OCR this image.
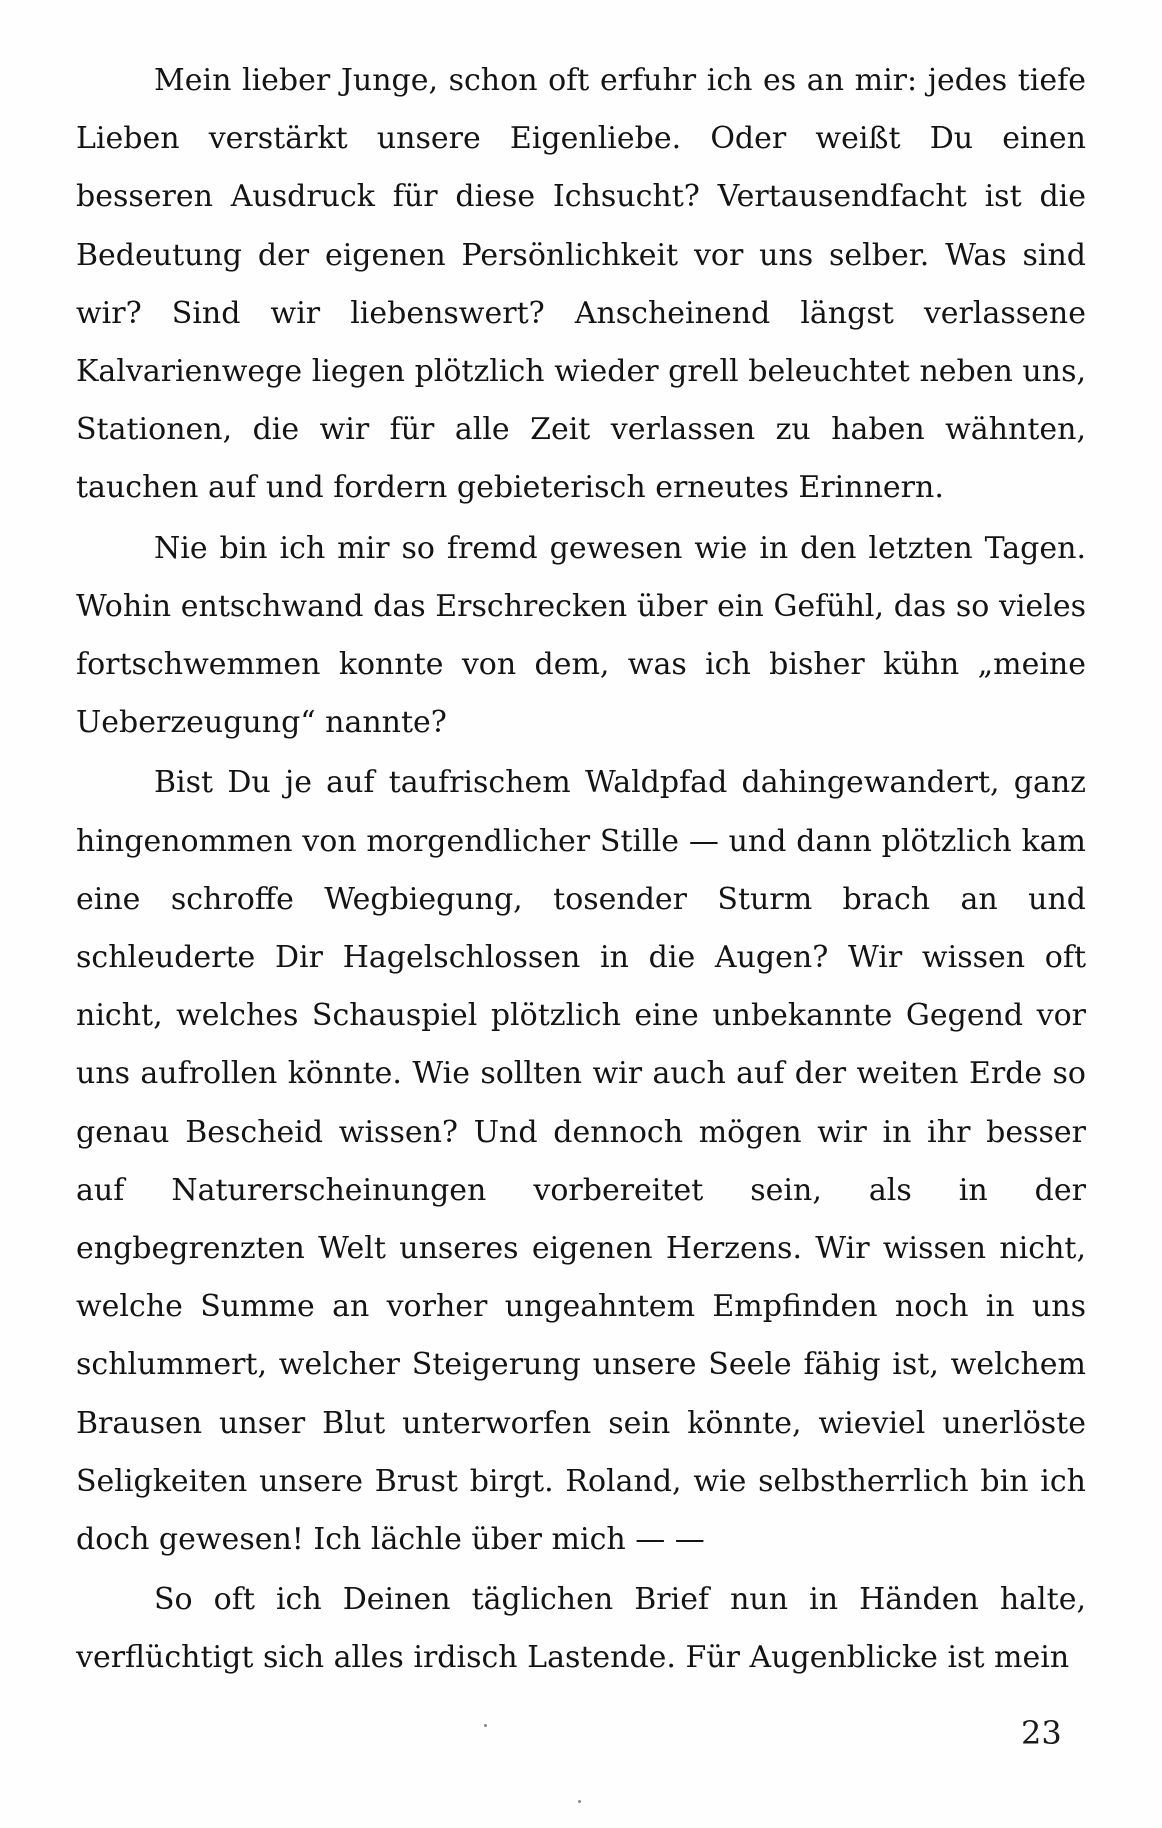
Mein lieber Junge, schon oft erfuhr ich es an mir: jedes tiefe Lieben verstärkt unsere Eigenliebe. Oder weißt Du einen besseren Ausdruck für diese Ichsucht? Vertausendfacht ist die Bedeutung der eigenen Persönlichkeit vor uns selber. Was sind wir? Sind wir liebenswert? Anscheinend längst verlassene Kalvarienwege liegen plötzlich wieder grell beleuchtet neben uns, Stationen, die wir für alle Zeit verlassen zu haben wähnten, tauchen auf und fordern gebieterisch erneutes Erinnern.

Nie bin ich mir so fremd gewesen wie in den letzten Tagen. Wohin entschwand das Erschrecken über ein Gefühl, das so vieles fortschwemmen konnte von dem, was ich bisher kühn „meine Ueberzeugung“ nannte?

Bist Du je auf taufrischem Waldpfad dahingewandert, ganz hingenommen von morgendlicher Stille — und dann plötzlich kam eine schroffe Wegbiegung, tosender Sturm brach an und schleuderte Dir Hagelschlossen in die Augen? Wir wissen oft nicht, welches Schauspiel plötzlich eine unbekannte Gegend vor uns aufrollen könnte. Wie sollten wir auch auf der weiten Erde so genau Bescheid wissen? Und dennoch mögen wir in ihr besser auf Naturerscheinungen vorbereitet sein, als in der engbegrenzten Welt unseres eigenen Herzens. Wir wissen nicht, welche Summe an vorher ungeahntem Empfinden noch in uns schlummert, welcher Steigerung unsere Seele fähig ist, welchem Brausen unser Blut unterworfen sein könnte, wieviel unerlöste Seligkeiten unsere Brust birgt. Roland, wie selbstherrlich bin ich doch gewesen! Ich lächle über mich — —

So oft ich Deinen täglichen Brief nun in Händen halte, verflüchtigt sich alles irdisch Lastende. Für Augenblicke ist mein

23
